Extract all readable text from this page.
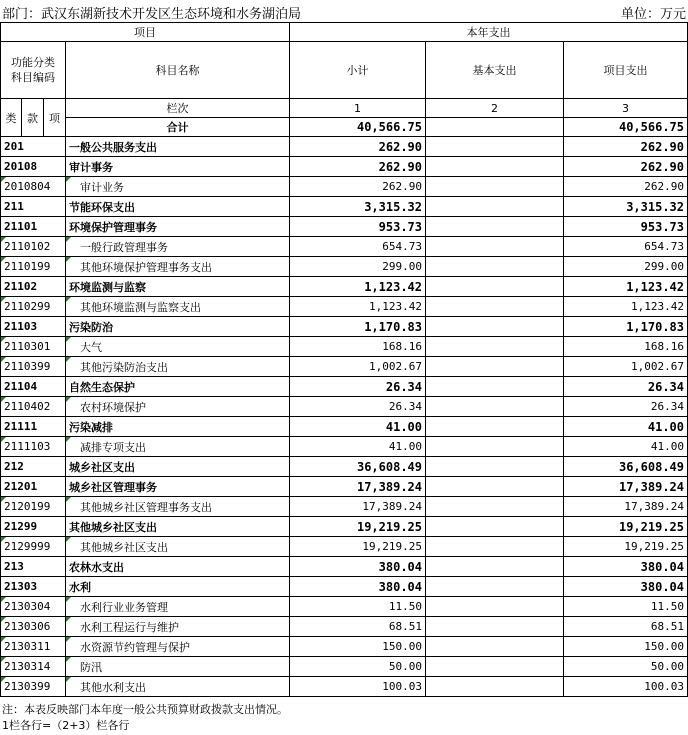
部门：武汉东湖新技术开发区生态环境和水务湖泊局	单位：万元
项目				本年支出		
功能分类
科目编码			科目名称	小计	基本支出	项目支出
类	款	项	栏次	1	2	3
			合计	40,566.75		40,566.75
201			一般公共服务支出	262.90		262.90
20108			审计事务	262.90		262.90
2010804			审计业务	262.90		262.90
211			节能环保支出	3,315.32		3,315.32
21101			环境保护管理事务	953.73		953.73
2110102			一般行政管理事务	654.73		654.73
2110199			其他环境保护管理事务支出	299.00		299.00
21102			环境监测与监察	1,123.42		1,123.42
2110299			其他环境监测与监察支出	1,123.42		1,123.42
21103			污染防治	1,170.83		1,170.83
2110301			大气	168.16		168.16
2110399			其他污染防治支出	1,002.67		1,002.67
21104			自然生态保护	26.34		26.34
2110402			农村环境保护	26.34		26.34
21111			污染减排	41.00		41.00
2111103			减排专项支出	41.00		41.00
212			城乡社区支出	36,608.49		36,608.49
21201			城乡社区管理事务	17,389.24		17,389.24
2120199			其他城乡社区管理事务支出	17,389.24		17,389.24
21299			其他城乡社区支出	19,219.25		19,219.25
2129999			其他城乡社区支出	19,219.25		19,219.25
213			农林水支出	380.04		380.04
21303			水利	380.04		380.04
2130304			水利行业业务管理	11.50		11.50
2130306			水利工程运行与维护	68.51		68.51
2130311			水资源节约管理与保护	150.00		150.00
2130314			防汛	50.00		50.00
2130399			其他水利支出	100.03		100.03
注：本表反映部门本年度一般公共预算财政拨款支出情况。
1栏各行=（2+3）栏各行
